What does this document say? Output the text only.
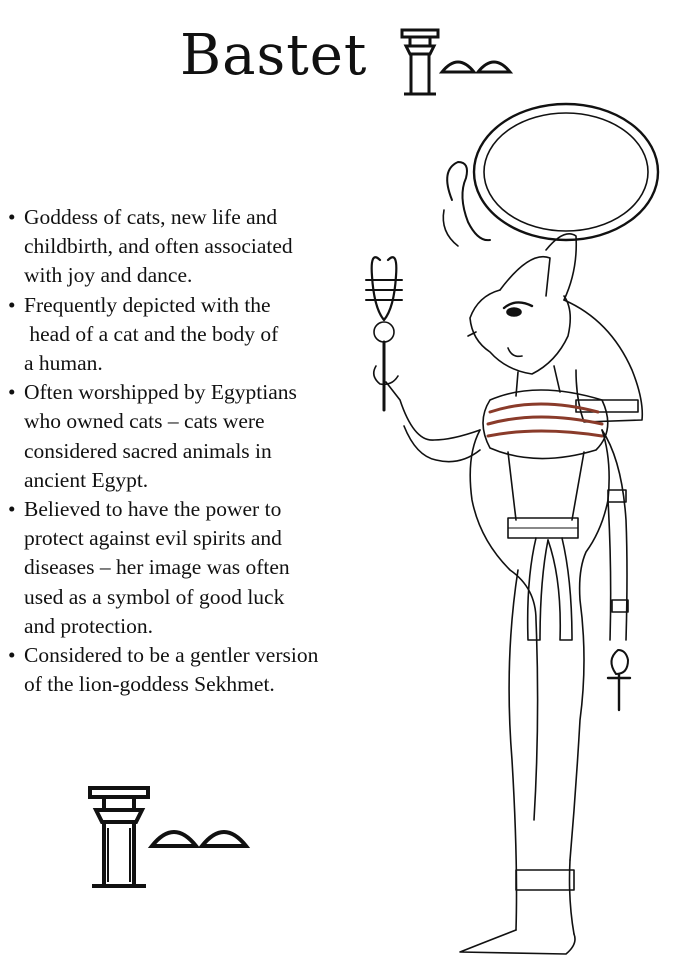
Bastet
• Goddess of cats, new life and
childbirth, and often associated
with joy and dance.
• Frequently depicted with the
head of a cat and the body of
a human.
• Often worshipped by Egyptians
who owned cats – cats were
considered sacred animals in
ancient Egypt.
• Believed to have the power to
protect against evil spirits and
diseases – her image was often
used as a symbol of good luck
and protection.
• Considered to be a gentler version
of the lion-goddess Sekhmet.
